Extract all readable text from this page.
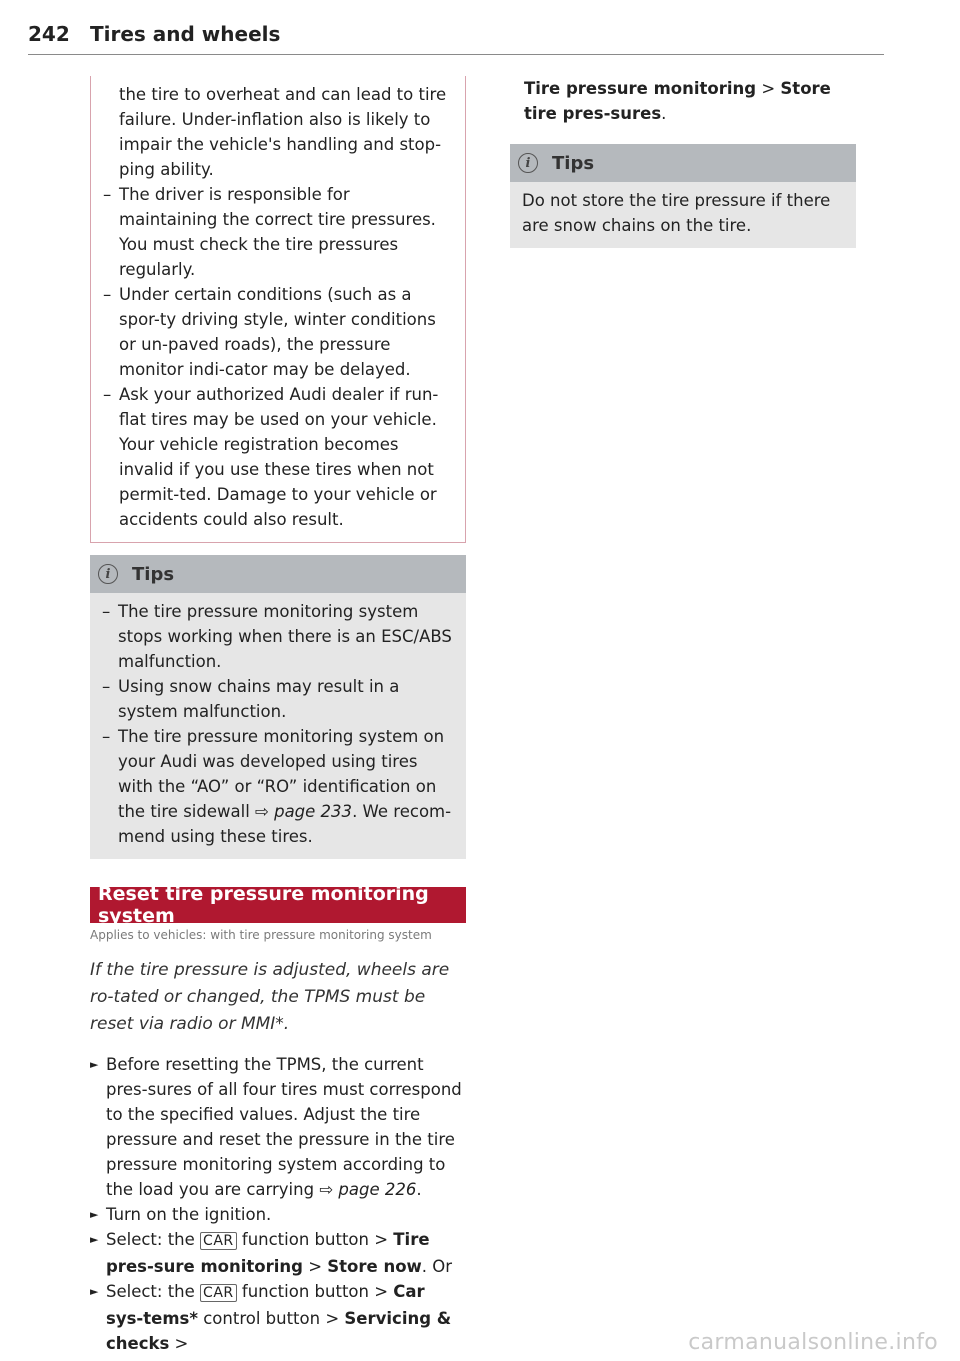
242 Tires and wheels

the tire to overheat and can lead to tire failure. Under-inflation also is likely to impair the vehicle's handling and stop-ping ability.

– The driver is responsible for maintaining the correct tire pressures. You must check the tire pressures regularly.
– Under certain conditions (such as a spor-ty driving style, winter conditions or un-paved roads), the pressure monitor indi-cator may be delayed.
– Ask your authorized Audi dealer if run-flat tires may be used on your vehicle. Your vehicle registration becomes invalid if you use these tires when not permit-ted. Damage to your vehicle or accidents could also result.
i	Tips
– The tire pressure monitoring system stops working when there is an ESC/ABS malfunction.
– Using snow chains may result in a system malfunction.
– The tire pressure monitoring system on your Audi was developed using tires with the “AO” or “RO” identification on the tire sidewall ⇨ page 233. We recom-mend using these tires.
Reset tire pressure monitoring system
Applies to vehicles: with tire pressure monitoring system
If the tire pressure is adjusted, wheels are ro-tated or changed, the TPMS must be reset via radio or MMI*.
► Before resetting the TPMS, the current pres-sures of all four tires must correspond to the specified values. Adjust the tire pressure and reset the pressure in the tire pressure monitoring system according to the load you are carrying ⇨ page 226.
► Turn on the ignition.
► Select: the CAR function button > Tire pres-sure monitoring > Store now. Or
► Select: the CAR function button > Car sys-tems* control button > Servicing & checks >

Tire pressure monitoring > Store tire pres-sures.

i	Tips
Do not store the tire pressure if there are snow chains on the tire.
carmanualsonline.info
